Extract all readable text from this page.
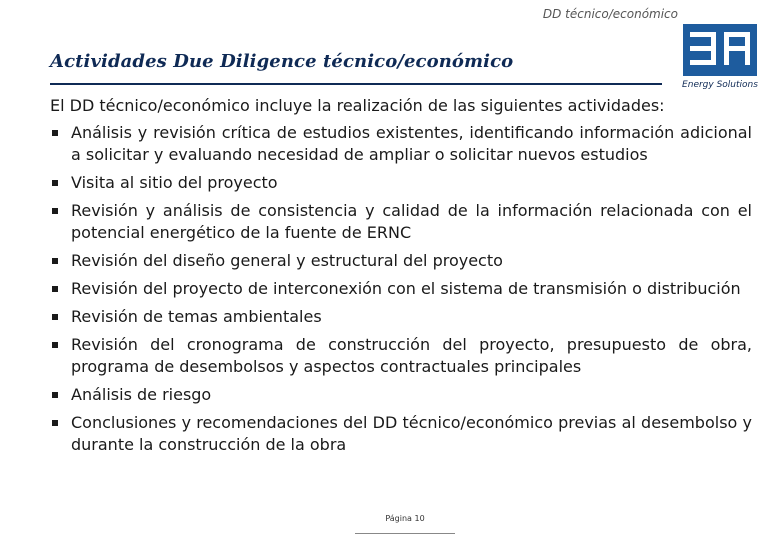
DD técnico/económico
Actividades Due Diligence técnico/económico
Energy Solutions
El DD técnico/económico incluye la realización de las siguientes actividades:
Análisis y revisión crítica de estudios existentes, identificando información adicional a solicitar y evaluando necesidad de ampliar o solicitar nuevos estudios
Visita al sitio del proyecto
Revisión y análisis de consistencia y calidad de la información relacionada con el potencial energético de la fuente de ERNC
Revisión del diseño general y estructural del proyecto
Revisión del proyecto de interconexión con el sistema de transmisión o distribución
Revisión de temas ambientales
Revisión del cronograma de construcción del proyecto, presupuesto de obra, programa de desembolsos y aspectos contractuales principales
Análisis de riesgo
Conclusiones y recomendaciones del DD técnico/económico previas al desembolso y durante la construcción de la obra
Página 10
